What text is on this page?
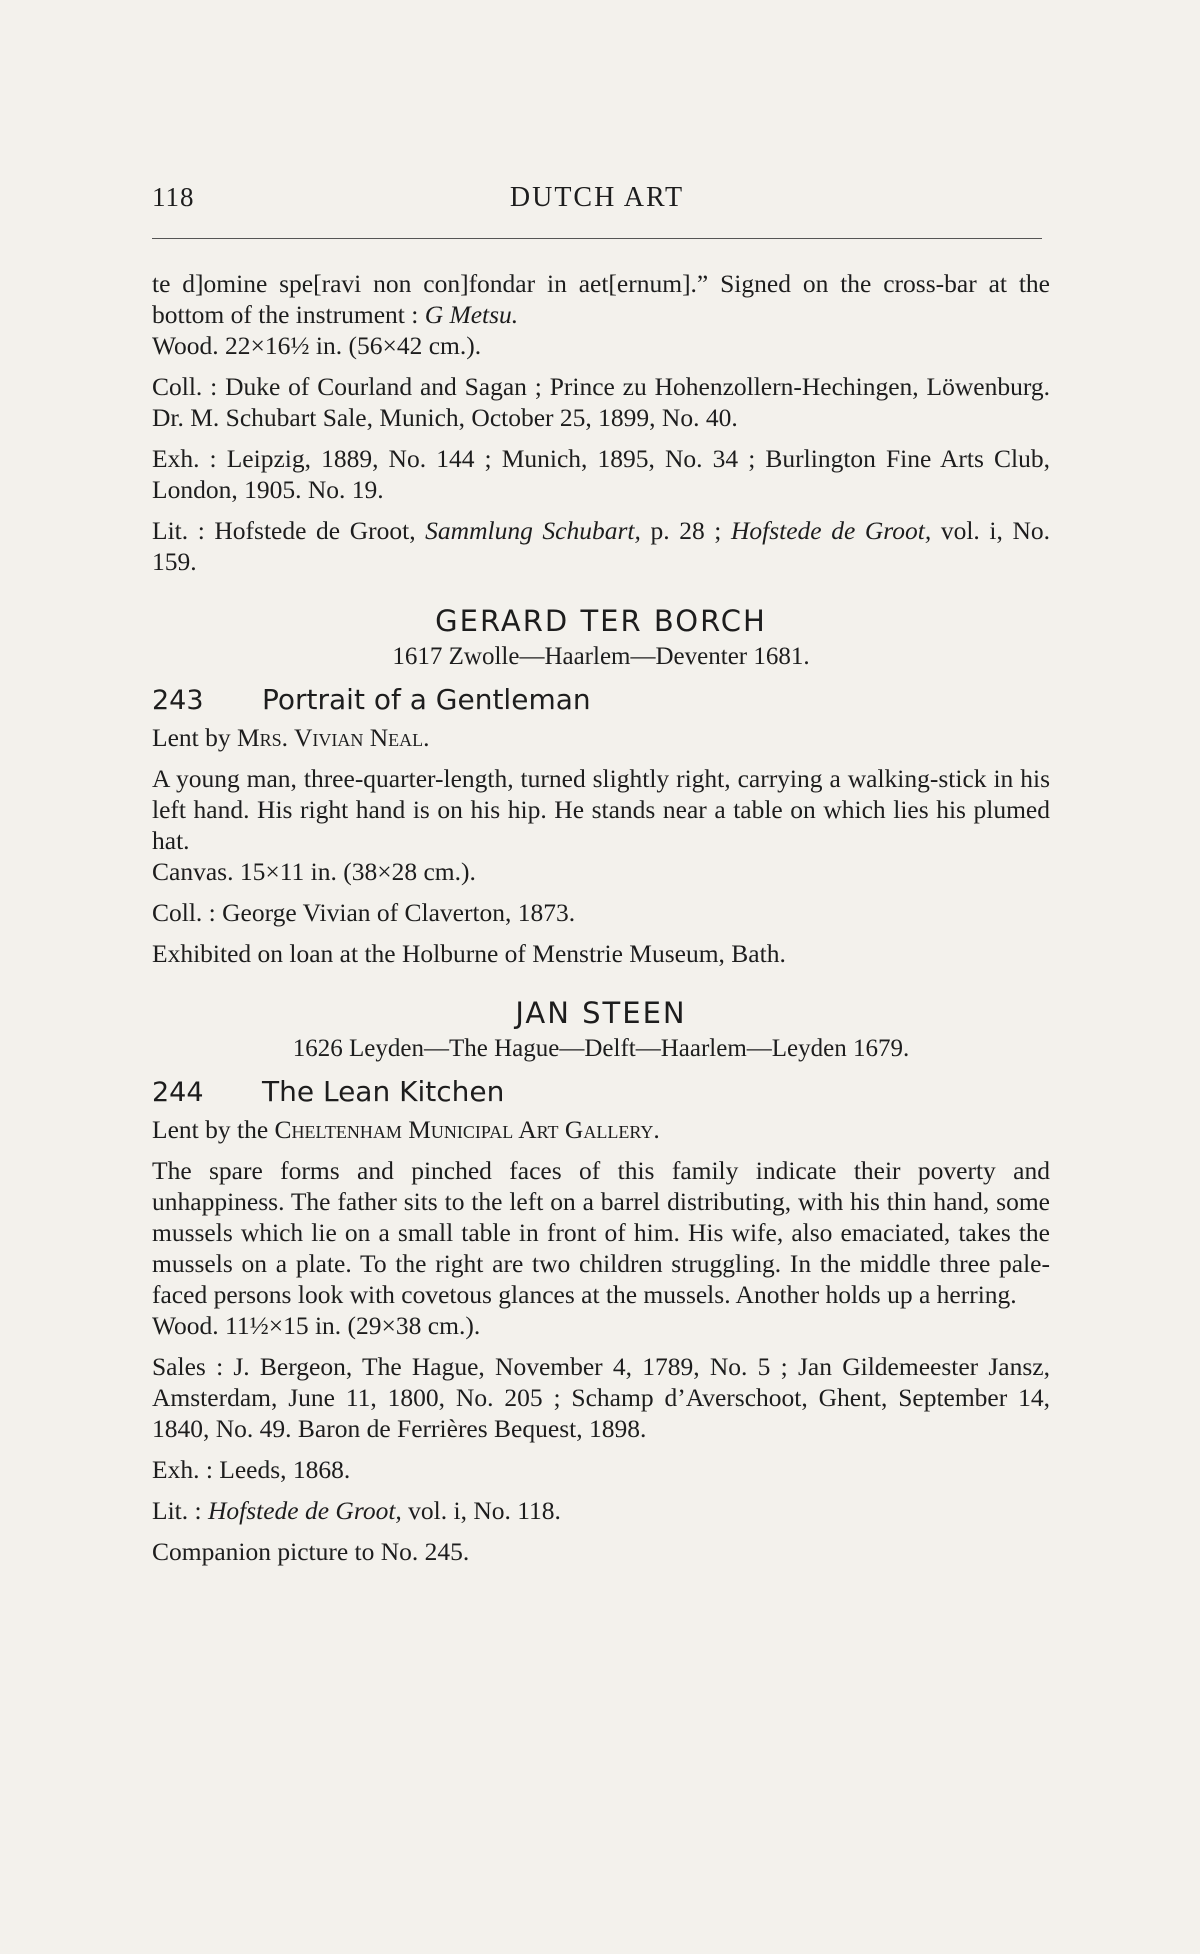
118	DUTCH ART

te d]omine spe[ravi non con]fondar in aet[ernum].” Signed on the cross-bar at the bottom of the instrument : G Metsu.

Wood. 22×16½ in. (56×42 cm.).

Coll. : Duke of Courland and Sagan ; Prince zu Hohenzollern-Hechingen, Löwenburg. Dr. M. Schubart Sale, Munich, October 25, 1899, No. 40.

Exh. : Leipzig, 1889, No. 144 ; Munich, 1895, No. 34 ; Burlington Fine Arts Club, London, 1905. No. 19.

Lit. : Hofstede de Groot, Sammlung Schubart, p. 28 ; Hofstede de Groot, vol. i, No. 159.

GERARD TER BORCH
1617 Zwolle—Haarlem—Deventer 1681.
243	Portrait of a Gentleman

Lent by Mrs. Vivian Neal.

A young man, three-quarter-length, turned slightly right, carrying a walking-stick in his left hand. His right hand is on his hip. He stands near a table on which lies his plumed hat.

Canvas. 15×11 in. (38×28 cm.).

Coll. : George Vivian of Claverton, 1873.

Exhibited on loan at the Holburne of Menstrie Museum, Bath.

JAN STEEN
1626 Leyden—The Hague—Delft—Haarlem—Leyden 1679.
244	The Lean Kitchen

Lent by the Cheltenham Municipal Art Gallery.

The spare forms and pinched faces of this family indicate their poverty and unhappiness. The father sits to the left on a barrel distributing, with his thin hand, some mussels which lie on a small table in front of him. His wife, also emaciated, takes the mussels on a plate. To the right are two children struggling. In the middle three pale-faced persons look with covetous glances at the mussels. Another holds up a herring.

Wood. 11½×15 in. (29×38 cm.).

Sales : J. Bergeon, The Hague, November 4, 1789, No. 5 ; Jan Gildemeester Jansz, Amsterdam, June 11, 1800, No. 205 ; Schamp d’Averschoot, Ghent, September 14, 1840, No. 49. Baron de Ferrières Bequest, 1898.

Exh. : Leeds, 1868.

Lit. : Hofstede de Groot, vol. i, No. 118.

Companion picture to No. 245.
